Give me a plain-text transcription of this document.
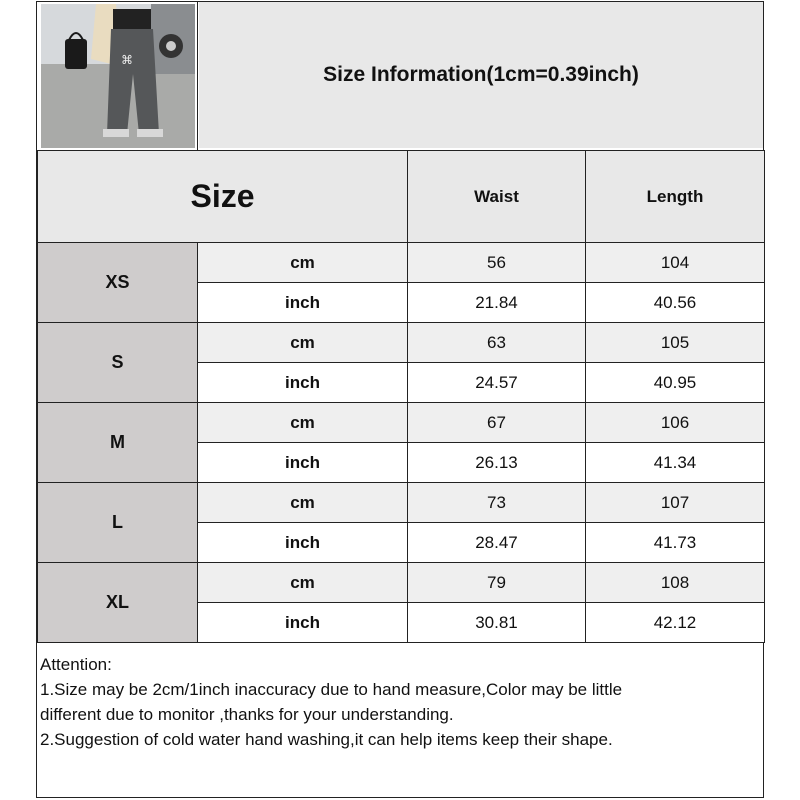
⌘
Size Information(1cm=0.39inch)
Size		Waist	Length
XS	cm	56	104
	inch	21.84	40.56
S	cm	63	105
	inch	24.57	40.95
M	cm	67	106
	inch	26.13	41.34
L	cm	73	107
	inch	28.47	41.73
XL	cm	79	108
	inch	30.81	42.12
Attention:
1.Size may be 2cm/1inch inaccuracy due to hand measure,Color may be little
different due to monitor ,thanks for your understanding.
2.Suggestion of cold water hand washing,it can help items keep their shape.
